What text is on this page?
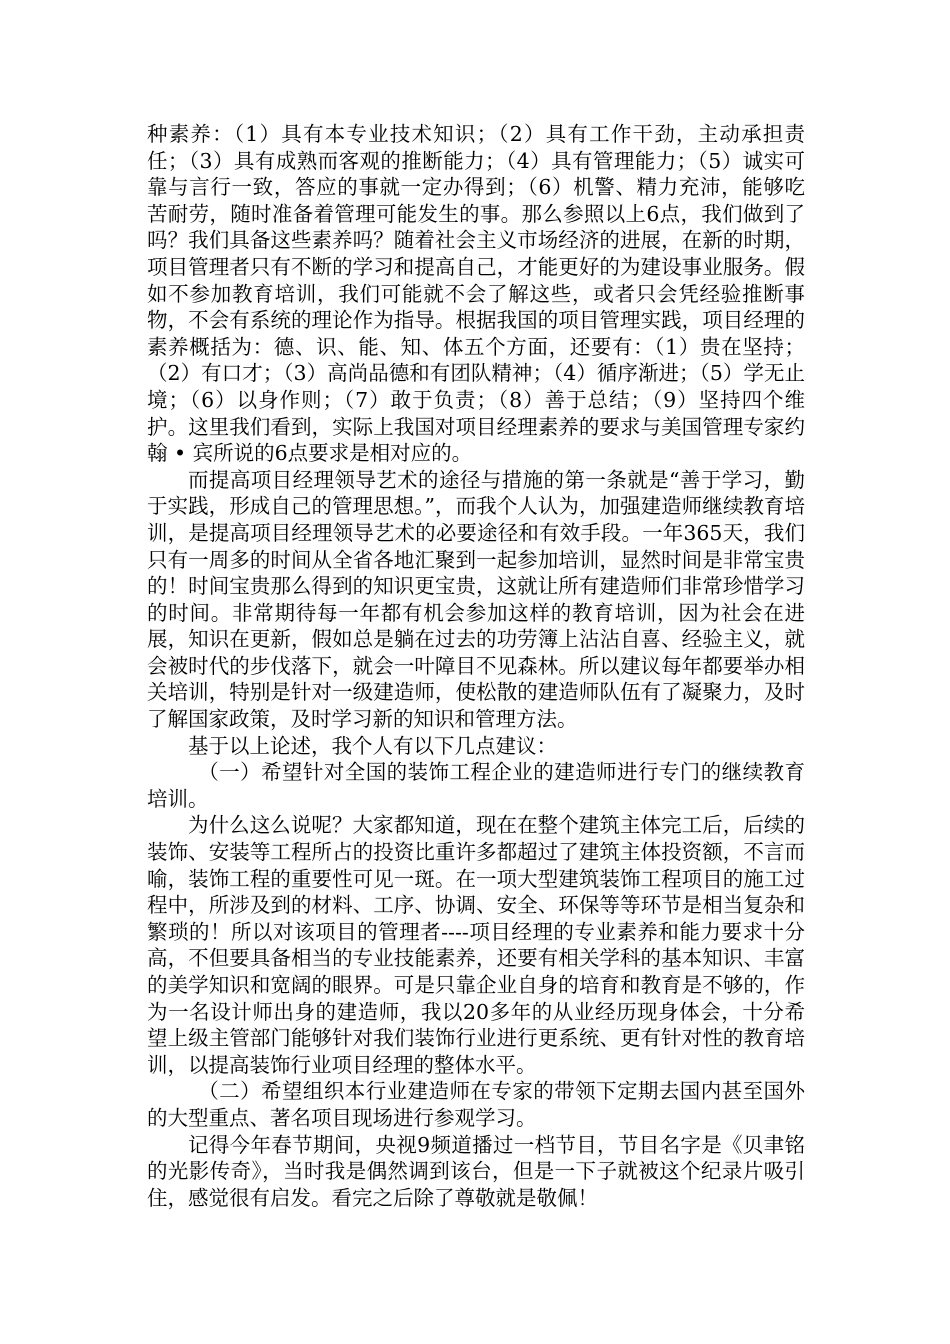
种素养：（1）具有本专业技术知识；（2）具有工作干劲，主动承担责任；（3）具有成熟而客观的推断能力；（4）具有管理能力；（5）诚实可靠与言行一致，答应的事就一定办得到；（6）机警、精力充沛，能够吃苦耐劳，随时准备着管理可能发生的事。那么参照以上6点，我们做到了吗？我们具备这些素养吗？随着社会主义市场经济的进展，在新的时期，项目管理者只有不断的学习和提高自己，才能更好的为建设事业服务。假如不参加教育培训，我们可能就不会了解这些，或者只会凭经验推断事物，不会有系统的理论作为指导。根据我国的项目管理实践，项目经理的素养概括为：德、识、能、知、体五个方面，还要有：（1）贵在坚持；（2）有口才；（3）高尚品德和有团队精神；（4）循序渐进；（5）学无止境；（6）以身作则；（7）敢于负责；（8）善于总结；（9）坚持四个维护。这里我们看到，实际上我国对项目经理素养的要求与美国管理专家约翰 • 宾所说的6点要求是相对应的。

而提高项目经理领导艺术的途径与措施的第一条就是“善于学习，勤于实践，形成自己的管理思想。”，而我个人认为，加强建造师继续教育培训，是提高项目经理领导艺术的必要途径和有效手段。一年365天，我们只有一周多的时间从全省各地汇聚到一起参加培训，显然时间是非常宝贵的！时间宝贵那么得到的知识更宝贵，这就让所有建造师们非常珍惜学习的时间。非常期待每一年都有机会参加这样的教育培训，因为社会在进展，知识在更新，假如总是躺在过去的功劳簿上沾沾自喜、经验主义，就会被时代的步伐落下，就会一叶障目不见森林。所以建议每年都要举办相关培训，特别是针对一级建造师，使松散的建造师队伍有了凝聚力，及时了解国家政策，及时学习新的知识和管理方法。

基于以上论述，我个人有以下几点建议：

（一）希望针对全国的装饰工程企业的建造师进行专门的继续教育培训。

为什么这么说呢？大家都知道，现在在整个建筑主体完工后，后续的装饰、安装等工程所占的投资比重许多都超过了建筑主体投资额，不言而喻，装饰工程的重要性可见一斑。在一项大型建筑装饰工程项目的施工过程中，所涉及到的材料、工序、协调、安全、环保等等环节是相当复杂和繁琐的！所以对该项目的管理者----项目经理的专业素养和能力要求十分高，不但要具备相当的专业技能素养，还要有相关学科的基本知识、丰富的美学知识和宽阔的眼界。可是只靠企业自身的培育和教育是不够的，作为一名设计师出身的建造师，我以20多年的从业经历现身体会，十分希望上级主管部门能够针对我们装饰行业进行更系统、更有针对性的教育培训，以提高装饰行业项目经理的整体水平。

（二）希望组织本行业建造师在专家的带领下定期去国内甚至国外的大型重点、著名项目现场进行参观学习。

记得今年春节期间，央视9频道播过一档节目，节目名字是《贝聿铭的光影传奇》，当时我是偶然调到该台，但是一下子就被这个纪录片吸引住，感觉很有启发。看完之后除了尊敬就是敬佩！
